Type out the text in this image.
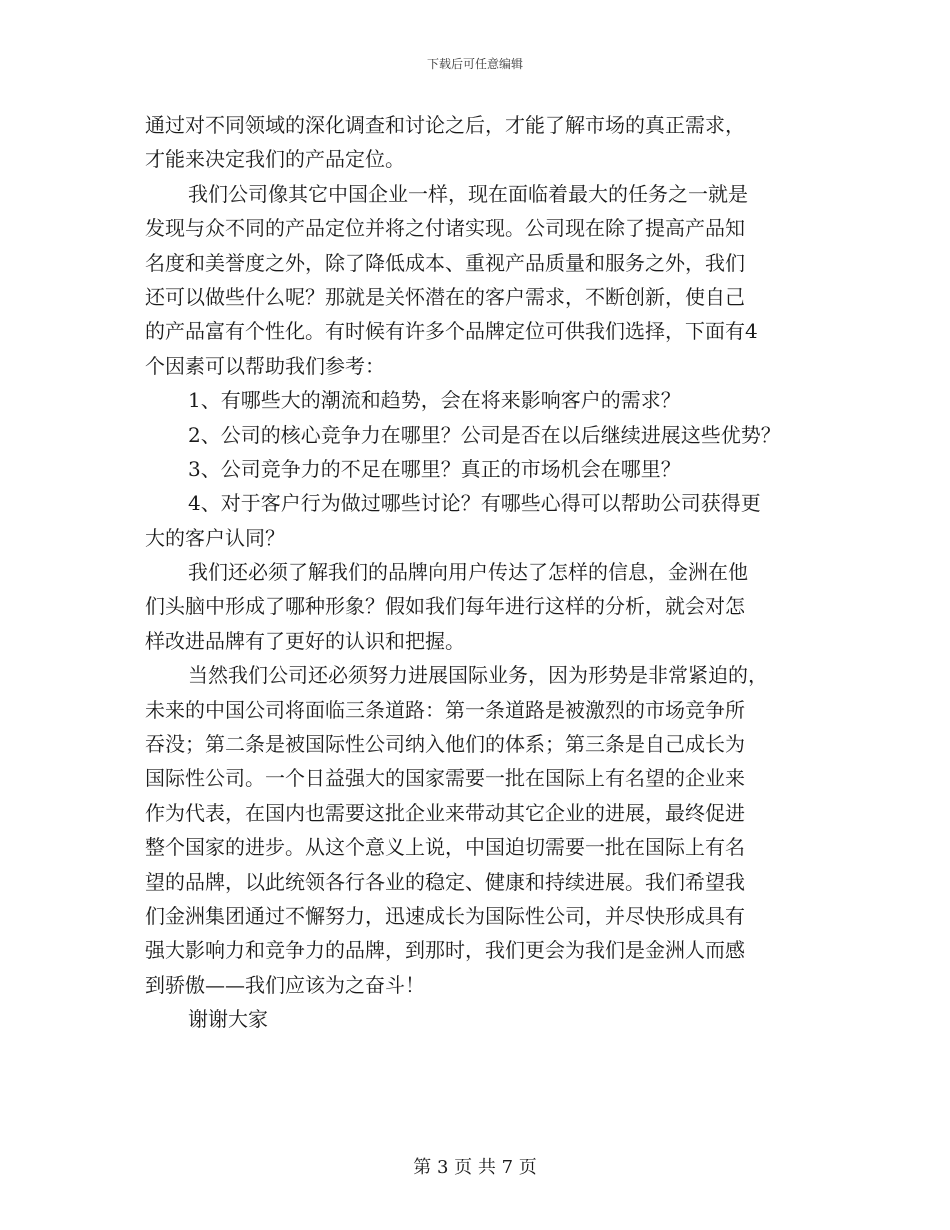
下载后可任意编辑
通过对不同领域的深化调查和讨论之后，才能了解市场的真正需求，
才能来决定我们的产品定位。
我们公司像其它中国企业一样，现在面临着最大的任务之一就是
发现与众不同的产品定位并将之付诸实现。公司现在除了提高产品知
名度和美誉度之外，除了降低成本、重视产品质量和服务之外，我们
还可以做些什么呢？那就是关怀潜在的客户需求，不断创新，使自己
的产品富有个性化。有时候有许多个品牌定位可供我们选择，下面有4
个因素可以帮助我们参考：
1、有哪些大的潮流和趋势，会在将来影响客户的需求？
2、公司的核心竞争力在哪里？公司是否在以后继续进展这些优势？
3、公司竞争力的不足在哪里？真正的市场机会在哪里？
4、对于客户行为做过哪些讨论？有哪些心得可以帮助公司获得更
大的客户认同？
我们还必须了解我们的品牌向用户传达了怎样的信息，金洲在他
们头脑中形成了哪种形象？假如我们每年进行这样的分析，就会对怎
样改进品牌有了更好的认识和把握。
当然我们公司还必须努力进展国际业务，因为形势是非常紧迫的，
未来的中国公司将面临三条道路：第一条道路是被激烈的市场竞争所
吞没；第二条是被国际性公司纳入他们的体系；第三条是自己成长为
国际性公司。一个日益强大的国家需要一批在国际上有名望的企业来
作为代表，在国内也需要这批企业来带动其它企业的进展，最终促进
整个国家的进步。从这个意义上说，中国迫切需要一批在国际上有名
望的品牌，以此统领各行各业的稳定、健康和持续进展。我们希望我
们金洲集团通过不懈努力，迅速成长为国际性公司，并尽快形成具有
强大影响力和竞争力的品牌，到那时，我们更会为我们是金洲人而感
到骄傲——我们应该为之奋斗！
谢谢大家
第 3 页 共 7 页
